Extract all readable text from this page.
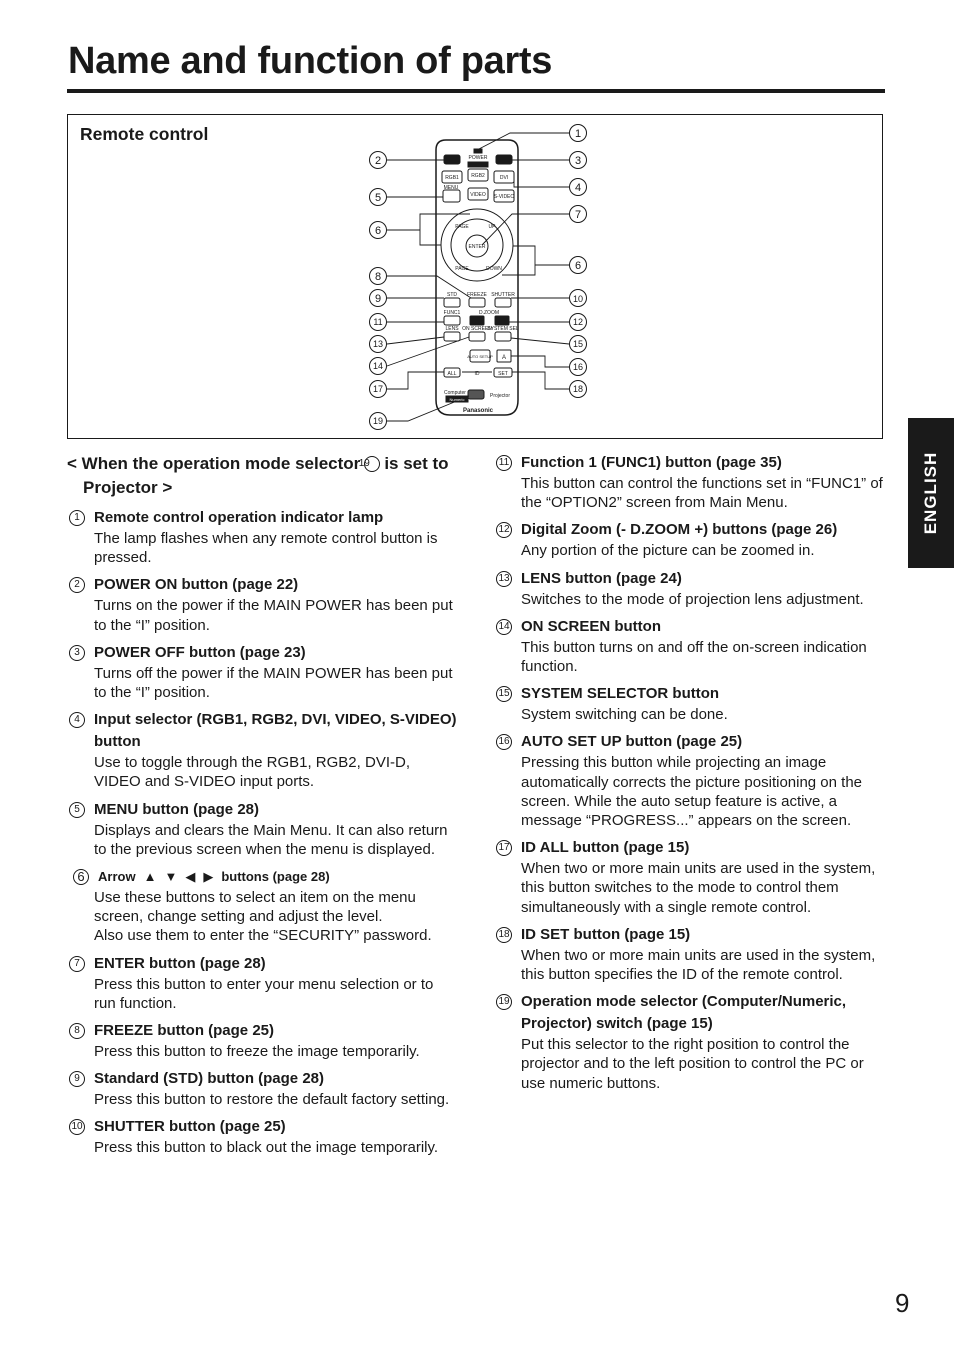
Name and function of parts
Remote control
POWER
RGB1 RGB2	DVI
MENU
VIDEO S-VIDEO
PAGE	UP
ENTER
PAGE	DOWN
STD FREEZE SHUTTER
FUNC1	D.ZOOM
LENS ON SCREEN
SYSTEM SEL
AUTO SETUP A
ALL	ID	SET
Computer
Numeric
Projector
Panasonic
1
2	3
4
5
6
7
6
8
9	10
11	12
13
14
15
16
17	18
19
ENGLISH
< When the operation mode selector19 is set to Projector >
1 Remote control operation indicator lamp
The lamp flashes when any remote control button is pressed.
2 POWER ON button (page 22)
Turns on the power if the MAIN POWER has been put to the “I” position.
3 POWER OFF button (page 23)
Turns off the power if the MAIN POWER has been put to the “I” position.
4 Input selector (RGB1, RGB2, DVI, VIDEO, S-VIDEO) button
Use to toggle through the RGB1, RGB2, DVI-D, VIDEO and S-VIDEO input ports.
5 MENU button (page 28)
Displays and clears the Main Menu. It can also return to the previous screen when the menu is displayed.
6	Arrow ▲ ▼ ◀ ▶ buttons (page 28)
Use these buttons to select an item on the menu screen, change setting and adjust the level.
Also use them to enter the “SECURITY” password.
7 ENTER button (page 28)
Press this button to enter your menu selection or to run function.
8 FREEZE button (page 25)
Press this button to freeze the image temporarily.
9 Standard (STD) button (page 28)
Press this button to restore the default factory setting.
10 SHUTTER button (page 25)
Press this button to black out the image temporarily.
11 Function 1 (FUNC1) button (page 35)
This button can control the functions set in “FUNC1” of the “OPTION2” screen from Main Menu.
12 Digital Zoom (- D.ZOOM +) buttons (page 26)
Any portion of the picture can be zoomed in.
13 LENS button (page 24)
Switches to the mode of projection lens adjustment.
14 ON SCREEN button
This button turns on and off the on-screen indication function.
15 SYSTEM SELECTOR button
System switching can be done.
16 AUTO SET UP button (page 25)
Pressing this button while projecting an image automatically corrects the picture positioning on the screen. While the auto setup feature is active, a message “PROGRESS...” appears on the screen.
17 ID ALL button (page 15)
When two or more main units are used in the system, this button switches to the mode to control them simultaneously with a single remote control.
18 ID SET button (page 15)
When two or more main units are used in the system, this button specifies the ID of the remote control.
19 Operation mode selector (Computer/Numeric, Projector) switch (page 15)
Put this selector to the right position to control the projector and to the left position to control the PC or use numeric buttons.
9
